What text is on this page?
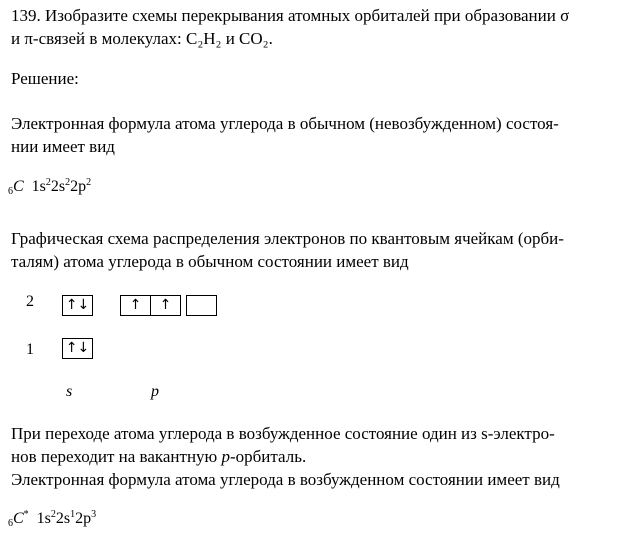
139. Изобразите схемы перекрывания атомных орбиталей при образовании σ
и π-связей в молекулах: C₂H₂ и CO₂.
Решение:
Электронная формула атома углерода в обычном (невозбужденном) состоя-
нии имеет вид
$_6$C $1s^22s^22p^2$
Графическая схема распределения электронов по квантовым ячейкам (орби-
талям) атома углерода в обычном состоянии имеет вид
2 ↑↓	↑	↑
1 ↑↓
s	p
При переходе атома углерода в возбужденное состояние один из s-электро-
нов переходит на вакантную p-орбиталь.
Электронная формула атома углерода в возбужденном состоянии имеет вид
$_6$C* $1s^22s^12p^3$
